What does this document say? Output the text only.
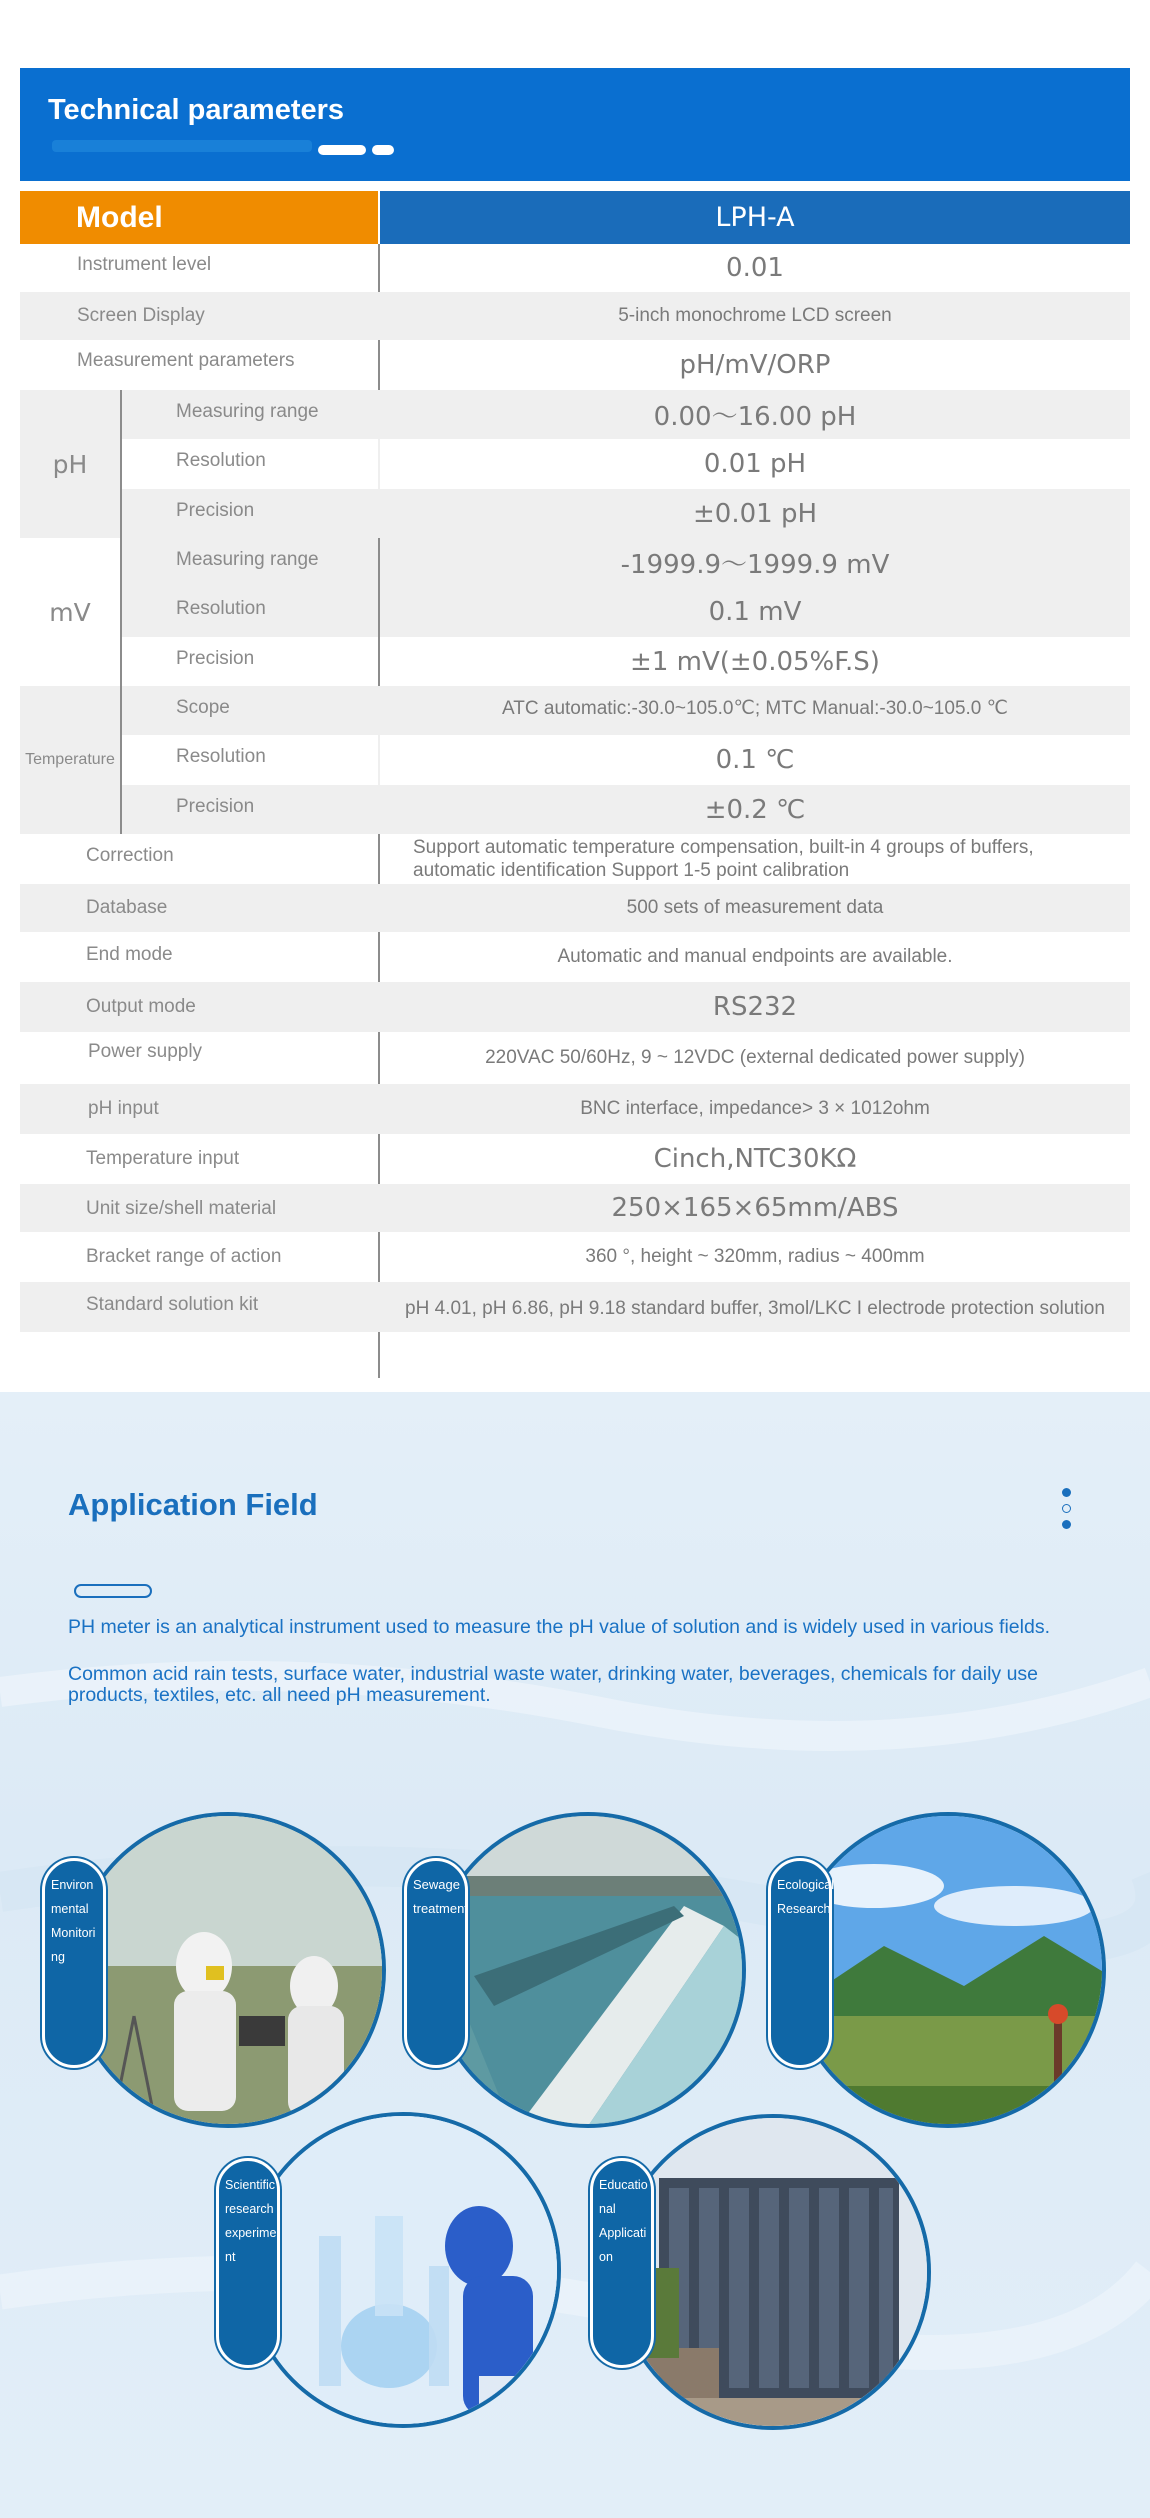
Technical parameters
Model	LPH-A
Instrument level	0.01
Screen Display	5-inch monochrome LCD screen
Measurement parameters	pH/mV/ORP
pH
Measuring range	0.00～16.00 pH
Resolution	0.01 pH
Precision	±0.01 pH
mV
Measuring range	-1999.9～1999.9 mV
Resolution	0.1 mV
Precision	±1 mV(±0.05%F.S)
Temperature
Scope	ATC automatic:-30.0~105.0℃; MTC Manual:-30.0~105.0 ℃
Resolution	0.1 ℃
Precision	±0.2 ℃
Correction	Support automatic temperature compensation, built-in 4 groups of buffers, automatic identification Support 1-5 point calibration
Database	500 sets of measurement data
End mode	Automatic and manual endpoints are available.
Output mode	RS232
Power supply	220VAC 50/60Hz, 9 ~ 12VDC (external dedicated power supply)
pH input	BNC interface, impedance> 3 × 1012ohm
Temperature input	Cinch,NTC30KΩ
Unit size/shell material	250×165×65mm/ABS
Bracket range of action	360 °, height ~ 320mm, radius ~ 400mm
Standard solution kit	pH 4.01, pH 6.86, pH 9.18 standard buffer, 3mol/LKC I electrode protection solution
Application Field
PH meter is an analytical instrument used to measure the pH value of solution and is widely used in various fields.
Common acid rain tests, surface water, industrial waste water, drinking water, beverages, chemicals for daily use products, textiles, etc. all need pH measurement.
Environ mental Monitori ng
Sewage treatment
Ecological Research
Scientific research experime nt
Educatio nal Applicati on
